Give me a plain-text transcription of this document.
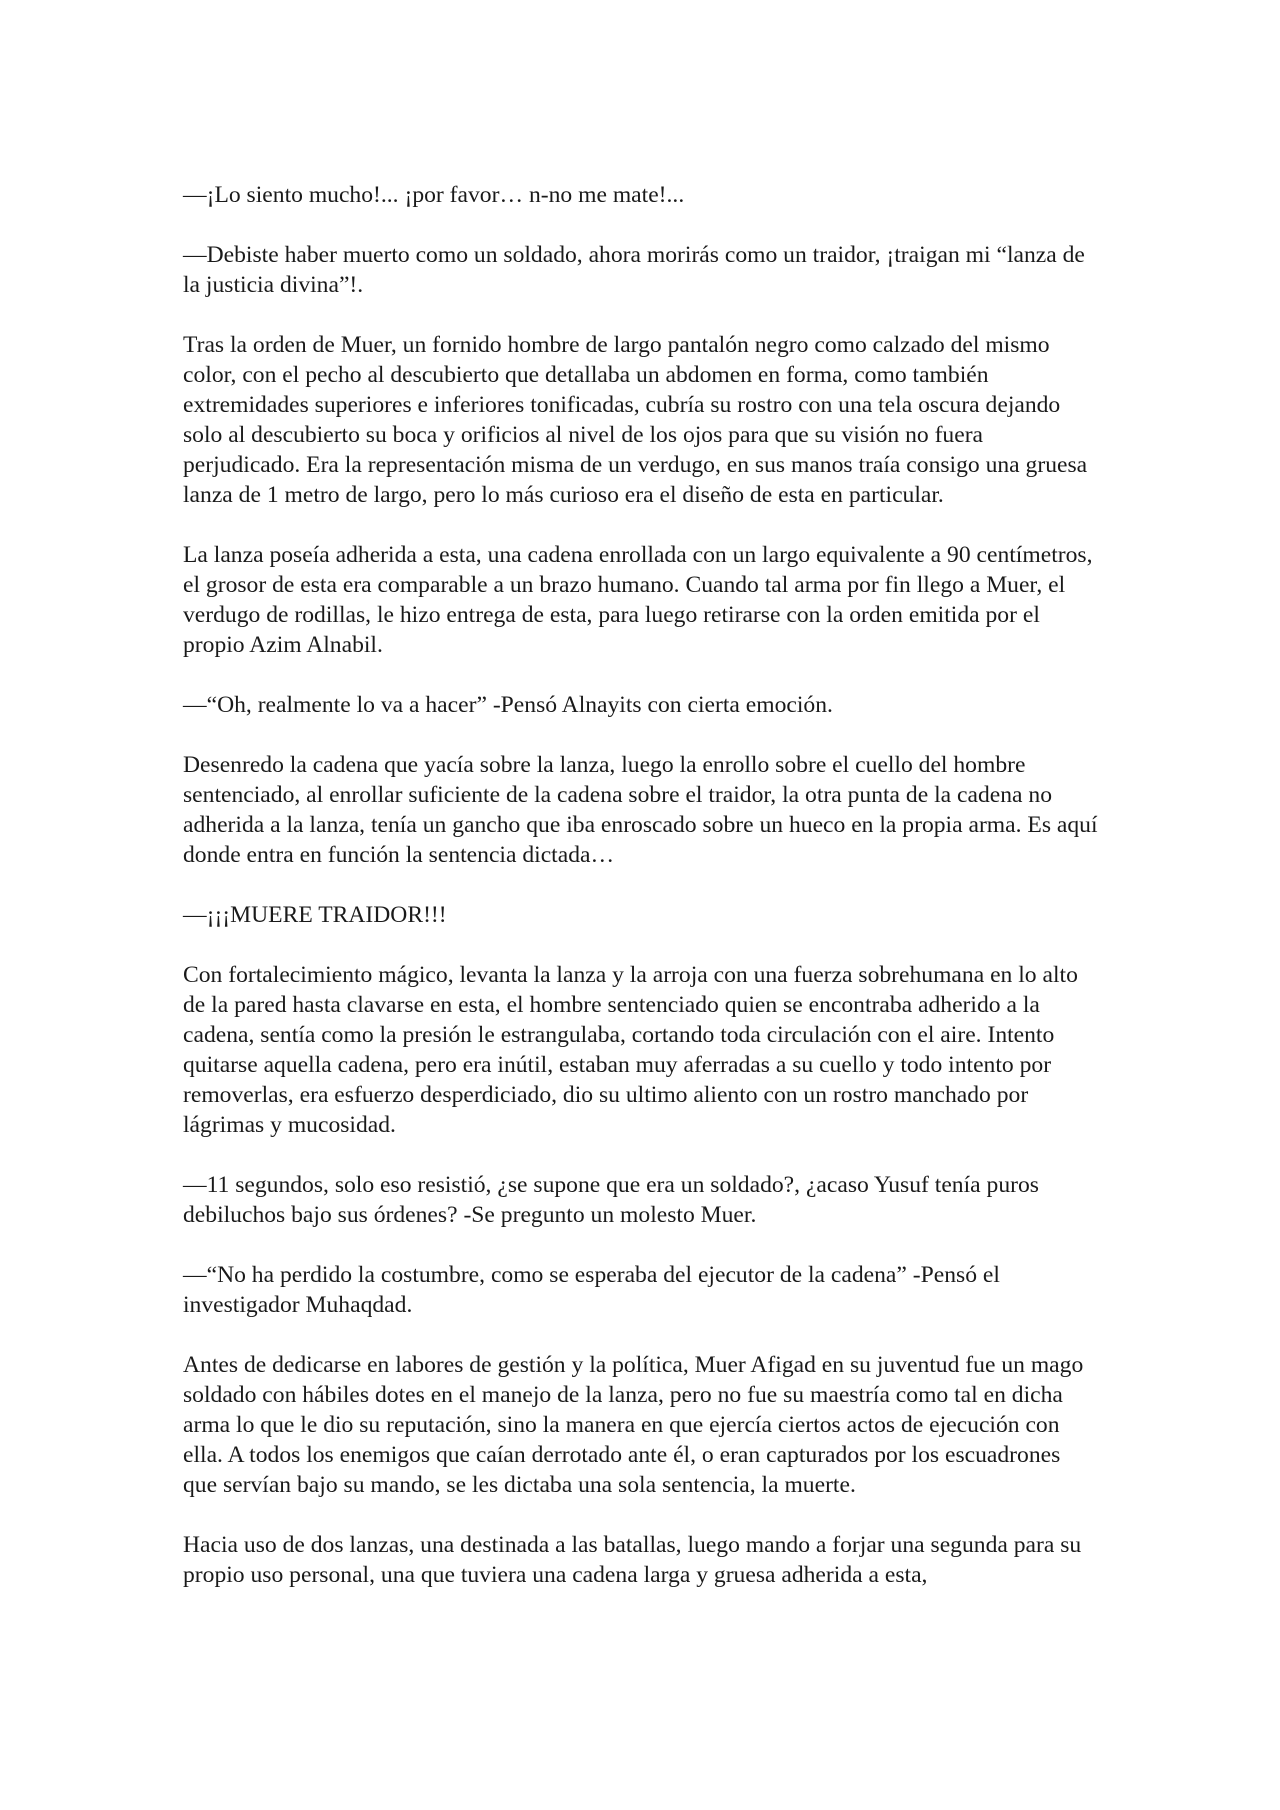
—¡Lo siento mucho!... ¡por favor… n-no me mate!...

—Debiste haber muerto como un soldado, ahora morirás como un traidor, ¡traigan mi “lanza de la justicia divina”!.

Tras la orden de Muer, un fornido hombre de largo pantalón negro como calzado del mismo color, con el pecho al descubierto que detallaba un abdomen en forma, como también extremidades superiores e inferiores tonificadas, cubría su rostro con una tela oscura dejando solo al descubierto su boca y orificios al nivel de los ojos para que su visión no fuera perjudicado. Era la representación misma de un verdugo, en sus manos traía consigo una gruesa lanza de 1 metro de largo, pero lo más curioso era el diseño de esta en particular.

La lanza poseía adherida a esta, una cadena enrollada con un largo equivalente a 90 centímetros, el grosor de esta era comparable a un brazo humano. Cuando tal arma por fin llego a Muer, el verdugo de rodillas, le hizo entrega de esta, para luego retirarse con la orden emitida por el propio Azim Alnabil.

—“Oh, realmente lo va a hacer” -Pensó Alnayits con cierta emoción.

Desenredo la cadena que yacía sobre la lanza, luego la enrollo sobre el cuello del hombre sentenciado, al enrollar suficiente de la cadena sobre el traidor, la otra punta de la cadena no adherida a la lanza, tenía un gancho que iba enroscado sobre un hueco en la propia arma. Es aquí donde entra en función la sentencia dictada…

—¡¡¡MUERE TRAIDOR!!!

Con fortalecimiento mágico, levanta la lanza y la arroja con una fuerza sobrehumana en lo alto de la pared hasta clavarse en esta, el hombre sentenciado quien se encontraba adherido a la cadena, sentía como la presión le estrangulaba, cortando toda circulación con el aire. Intento quitarse aquella cadena, pero era inútil, estaban muy aferradas a su cuello y todo intento por removerlas, era esfuerzo desperdiciado, dio su ultimo aliento con un rostro manchado por lágrimas y mucosidad.

—11 segundos, solo eso resistió, ¿se supone que era un soldado?, ¿acaso Yusuf tenía puros debiluchos bajo sus órdenes? -Se pregunto un molesto Muer.

—“No ha perdido la costumbre, como se esperaba del ejecutor de la cadena” -Pensó el investigador Muhaqdad.

Antes de dedicarse en labores de gestión y la política, Muer Afigad en su juventud fue un mago soldado con hábiles dotes en el manejo de la lanza, pero no fue su maestría como tal en dicha arma lo que le dio su reputación, sino la manera en que ejercía ciertos actos de ejecución con ella. A todos los enemigos que caían derrotado ante él, o eran capturados por los escuadrones que servían bajo su mando, se les dictaba una sola sentencia, la muerte.

Hacia uso de dos lanzas, una destinada a las batallas, luego mando a forjar una segunda para su propio uso personal, una que tuviera una cadena larga y gruesa adherida a esta,
